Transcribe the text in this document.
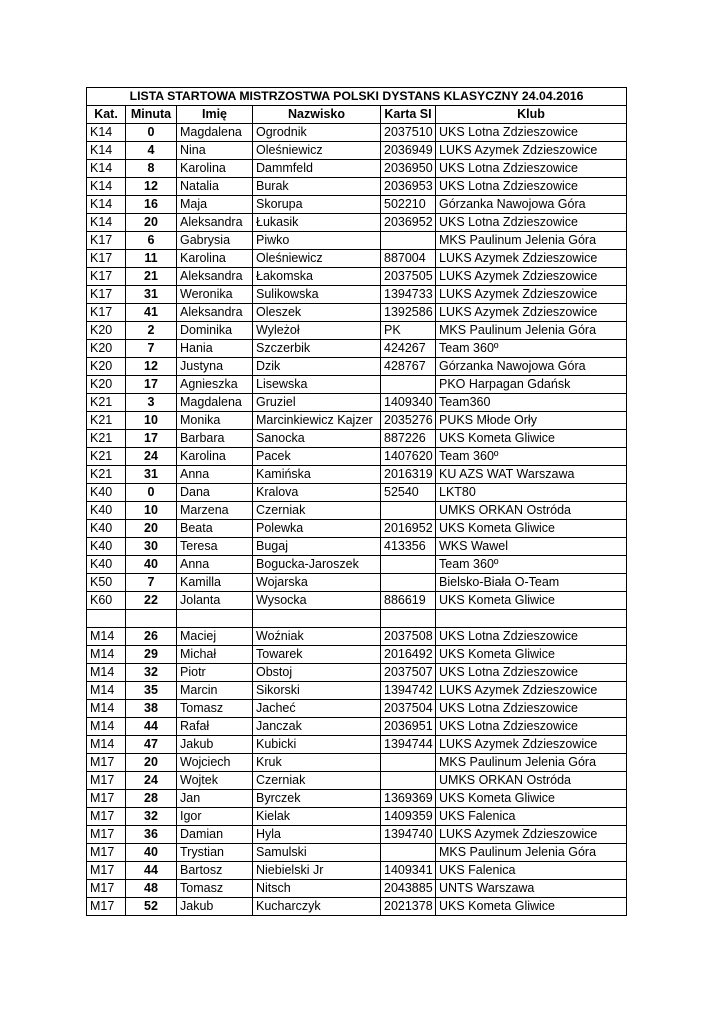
LISTA STARTOWA MISTRZOSTWA POLSKI DYSTANS KLASYCZNY 24.04.2016					
Kat.	Minuta	Imię	Nazwisko	Karta SI	Klub
K14	0	Magdalena	Ogrodnik	2037510	UKS Lotna Zdzieszowice
K14	4	Nina	Oleśniewicz	2036949	LUKS Azymek Zdzieszowice
K14	8	Karolina	Dammfeld	2036950	UKS Lotna Zdzieszowice
K14	12	Natalia	Burak	2036953	UKS Lotna Zdzieszowice
K14	16	Maja	Skorupa	502210	Górzanka Nawojowa Góra
K14	20	Aleksandra	Łukasik	2036952	UKS Lotna Zdzieszowice
K17	6	Gabrysia	Piwko		MKS Paulinum Jelenia Góra
K17	11	Karolina	Oleśniewicz	887004	LUKS Azymek Zdzieszowice
K17	21	Aleksandra	Łakomska	2037505	LUKS Azymek Zdzieszowice
K17	31	Weronika	Sulikowska	1394733	LUKS Azymek Zdzieszowice
K17	41	Aleksandra	Oleszek	1392586	LUKS Azymek Zdzieszowice
K20	2	Dominika	Wyleżoł	PK	MKS Paulinum Jelenia Góra
K20	7	Hania	Szczerbik	424267	Team 360º
K20	12	Justyna	Dzik	428767	Górzanka Nawojowa Góra
K20	17	Agnieszka	Lisewska		PKO Harpagan Gdańsk
K21	3	Magdalena	Gruziel	1409340	Team360
K21	10	Monika	Marcinkiewicz Kajzer	2035276	PUKS Młode Orły
K21	17	Barbara	Sanocka	887226	UKS Kometa Gliwice
K21	24	Karolina	Pacek	1407620	Team 360º
K21	31	Anna	Kamińska	2016319	KU AZS WAT Warszawa
K40	0	Dana	Kralova	52540	LKT80
K40	10	Marzena	Czerniak		UMKS ORKAN Ostróda
K40	20	Beata	Polewka	2016952	UKS Kometa Gliwice
K40	30	Teresa	Bugaj	413356	WKS Wawel
K40	40	Anna	Bogucka-Jaroszek		Team 360º
K50	7	Kamilla	Wojarska		Bielsko-Biała O-Team
K60	22	Jolanta	Wysocka	886619	UKS Kometa Gliwice

M14	26	Maciej	Woźniak	2037508	UKS Lotna Zdzieszowice
M14	29	Michał	Towarek	2016492	UKS Kometa Gliwice
M14	32	Piotr	Obstoj	2037507	UKS Lotna Zdzieszowice
M14	35	Marcin	Sikorski	1394742	LUKS Azymek Zdzieszowice
M14	38	Tomasz	Jacheć	2037504	UKS Lotna Zdzieszowice
M14	44	Rafał	Janczak	2036951	UKS Lotna Zdzieszowice
M14	47	Jakub	Kubicki	1394744	LUKS Azymek Zdzieszowice
M17	20	Wojciech	Kruk		MKS Paulinum Jelenia Góra
M17	24	Wojtek	Czerniak		UMKS ORKAN Ostróda
M17	28	Jan	Byrczek	1369369	UKS Kometa Gliwice
M17	32	Igor	Kielak	1409359	UKS Falenica
M17	36	Damian	Hyla	1394740	LUKS Azymek Zdzieszowice
M17	40	Trystian	Samulski		MKS Paulinum Jelenia Góra
M17	44	Bartosz	Niebielski Jr	1409341	UKS Falenica
M17	48	Tomasz	Nitsch	2043885	UNTS Warszawa
M17	52	Jakub	Kucharczyk	2021378	UKS Kometa Gliwice
